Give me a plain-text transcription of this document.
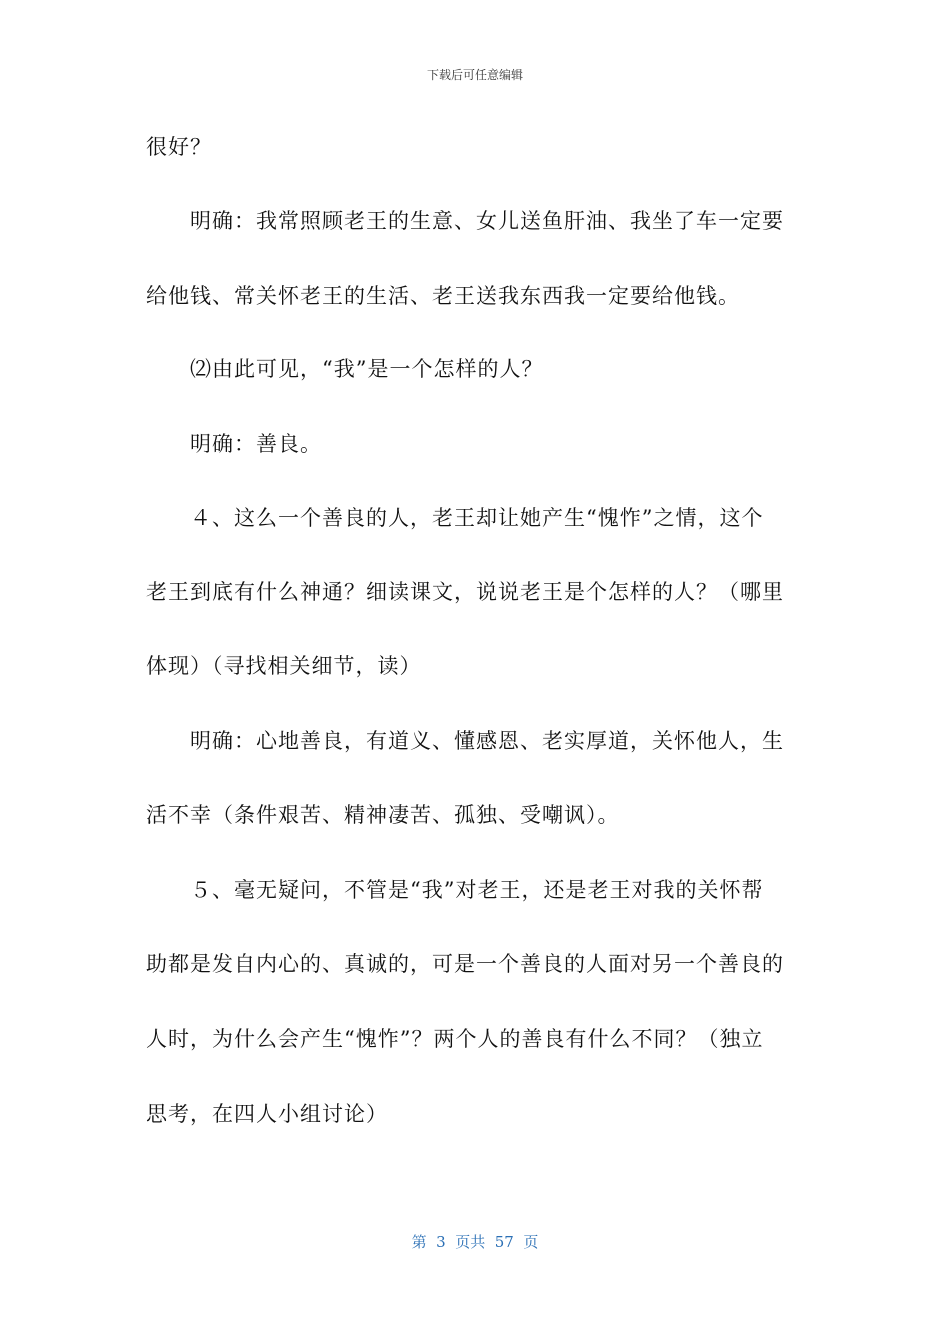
下载后可任意编辑
很好？
　　明确：我常照顾老王的生意、女儿送鱼肝油、我坐了车一定要
给他钱、常关怀老王的生活、老王送我东西我一定要给他钱。
　　⑵由此可见，“我”是一个怎样的人？
　　明确：善良。
　　４、这么一个善良的人，老王却让她产生“愧怍”之情，这个
老王到底有什么神通？细读课文，说说老王是个怎样的人？（哪里
体现）（寻找相关细节，读）
　　明确：心地善良，有道义、懂感恩、老实厚道，关怀他人，生
活不幸（条件艰苦、精神凄苦、孤独、受嘲讽）。
　　５、毫无疑问，不管是“我”对老王，还是老王对我的关怀帮
助都是发自内心的、真诚的，可是一个善良的人面对另一个善良的
人时，为什么会产生“愧怍”？两个人的善良有什么不同？（独立
思考，在四人小组讨论）
第  3  页共  57  页
